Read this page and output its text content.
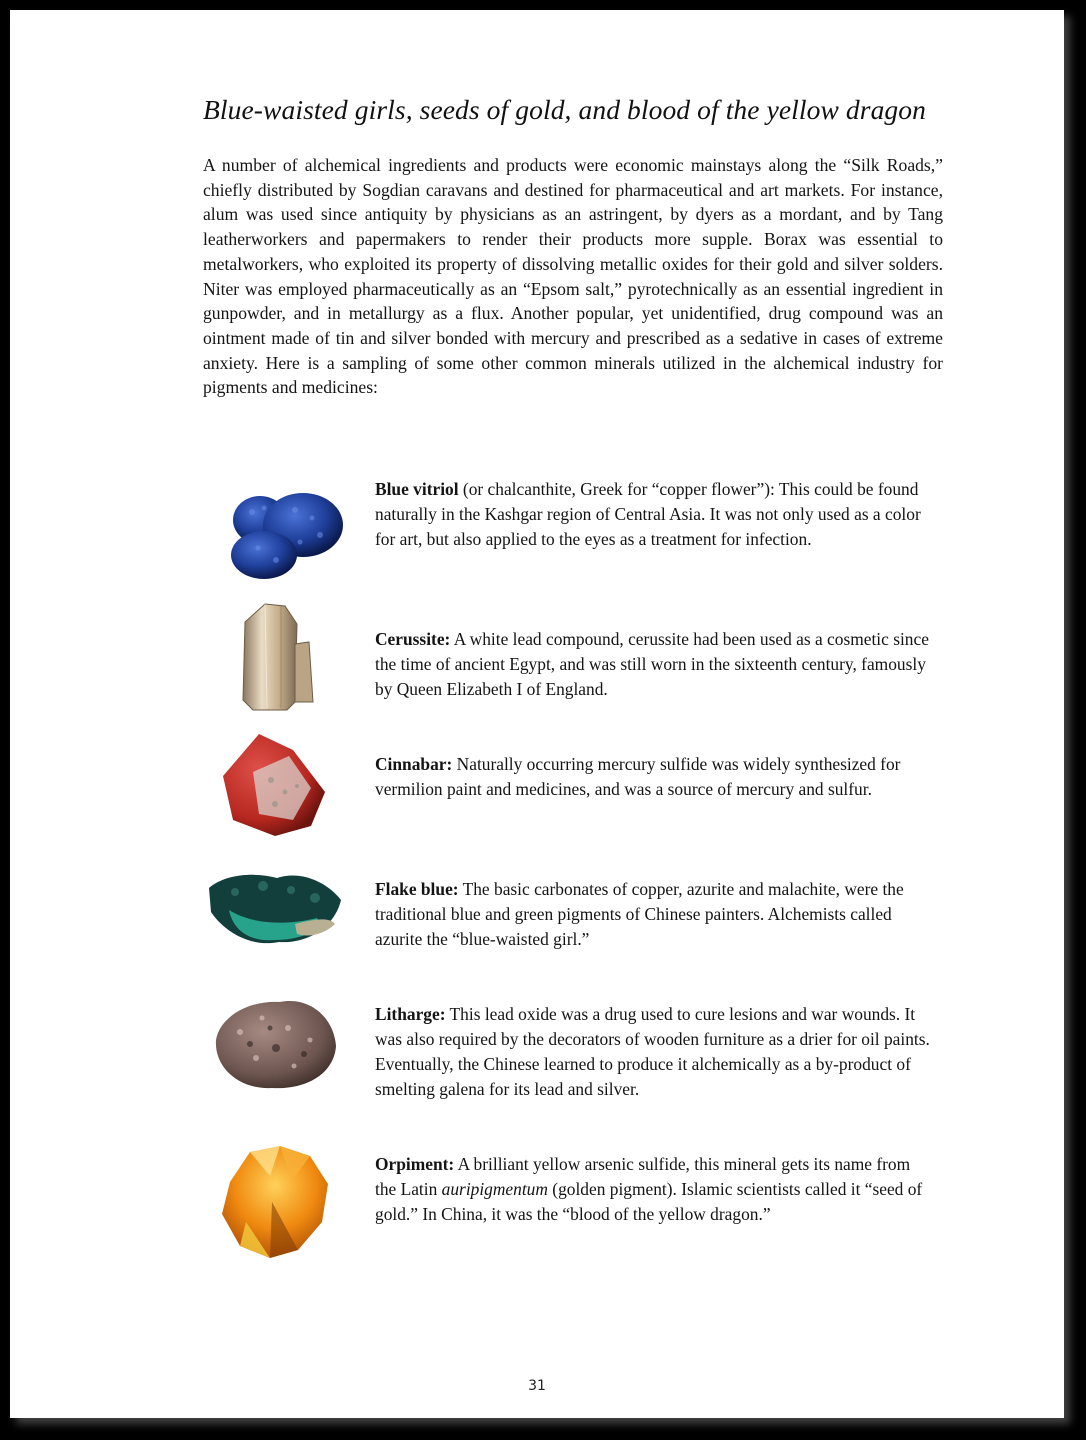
Blue-waisted girls, seeds of gold, and blood of the yellow dragon

A number of alchemical ingredients and products were economic mainstays along the “Silk Roads,” chiefly distributed by Sogdian caravans and destined for pharmaceutical and art markets. For instance, alum was used since antiquity by physicians as an astringent, by dyers as a mordant, and by Tang leatherworkers and papermakers to render their products more supple. Borax was essential to metalworkers, who exploited its property of dissolving metallic oxides for their gold and silver solders. Niter was employed pharmaceutically as an “Epsom salt,” pyrotechnically as an essential ingredient in gunpowder, and in metallurgy as a flux. Another popular, yet unidentified, drug compound was an ointment made of tin and silver bonded with mercury and prescribed as a sedative in cases of extreme anxiety. Here is a sampling of some other common minerals utilized in the alchemical industry for pigments and medicines:

Blue vitriol (or chalcanthite, Greek for “copper flower”): This could be found naturally in the Kashgar region of Central Asia. It was not only used as a color for art, but also applied to the eyes as a treatment for infection.

Cerussite: A white lead compound, cerussite had been used as a cosmetic since the time of ancient Egypt, and was still worn in the sixteenth century, famously by Queen Elizabeth I of England.

Cinnabar: Naturally occurring mercury sulfide was widely synthesized for vermilion paint and medicines, and was a source of mercury and sulfur.

Flake blue: The basic carbonates of copper, azurite and malachite, were the traditional blue and green pigments of Chinese painters. Alchemists called azurite the “blue-waisted girl.”

Litharge: This lead oxide was a drug used to cure lesions and war wounds. It was also required by the decorators of wooden furniture as a drier for oil paints. Eventually, the Chinese learned to produce it alchemically as a by-product of smelting galena for its lead and silver.

Orpiment: A brilliant yellow arsenic sulfide, this mineral gets its name from the Latin auripigmentum (golden pigment). Islamic scientists called it “seed of gold.” In China, it was the “blood of the yellow dragon.”

31
